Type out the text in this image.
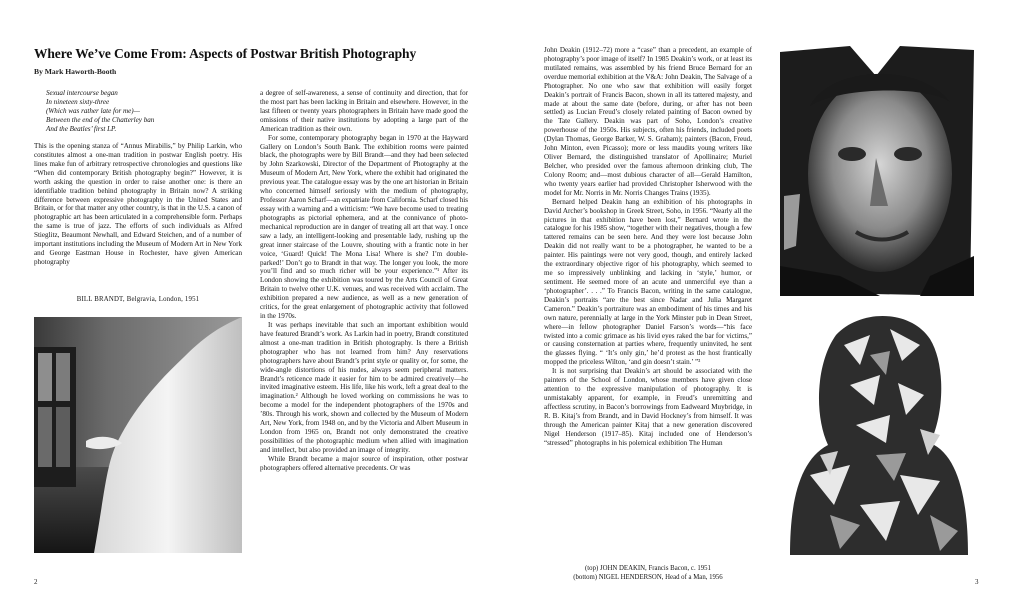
Where We’ve Come From: Aspects of Postwar British Photography
By Mark Haworth-Booth
Sexual intercourse began
In nineteen sixty-three
(Which was rather late for me)—
Between the end of the Chatterley ban
And the Beatles’ first LP.

This is the opening stanza of “Annus Mirabilis,” by Philip Larkin, who constitutes almost a one-man tradition in postwar English poetry. His lines make fun of arbitrary retrospective chronologies and questions like “When did contemporary British photography begin?” However, it is worth asking the question in order to raise another one: is there an identifiable tradition behind photography in Britain now? A striking difference between expressive photography in the United States and Britain, or for that matter any other country, is that in the U.S. a canon of photographic art has been articulated in a comprehensible form. Perhaps the same is true of jazz. The efforts of such individuals as Alfred Stieglitz, Beaumont Newhall, and Edward Steichen, and of a number of important institutions including the Museum of Modern Art in New York and George Eastman House in Rochester, have given American photography

BILL BRANDT, Belgravia, London, 1951

a degree of self-awareness, a sense of continuity and direction, that for the most part has been lacking in Britain and elsewhere. However, in the last fifteen or twenty years photographers in Britain have made good the omissions of their native institutions by adopting a large part of the American tradition as their own.

For some, contemporary photography began in 1970 at the Hayward Gallery on London’s South Bank. The exhibition rooms were painted black, the photographs were by Bill Brandt—and they had been selected by John Szarkowski, Director of the Department of Photography at the Museum of Modern Art, New York, where the exhibit had originated the previous year. The catalogue essay was by the one art historian in Britain who concerned himself seriously with the medium of photography, Professor Aaron Scharf—an expatriate from California. Scharf closed his essay with a warning and a witticism: “We have become used to treating photographs as pictorial ephemera, and at the connivance of photo-mechanical reproduction are in danger of treating all art that way. I once saw a lady, an intelligent-looking and presentable lady, rushing up the great inner staircase of the Louvre, shouting with a frantic note in her voice, ‘Guard! Quick! The Mona Lisa! Where is she? I’m double-parked!’ Don’t go to Brandt in that way. The longer you look, the more you’ll find and so much richer will be your experience.”¹ After its London showing the exhibition was toured by the Arts Council of Great Britain to twelve other U.K. venues, and was received with acclaim. The exhibition prepared a new audience, as well as a new generation of critics, for the great enlargement of photographic activity that followed in the 1970s.

It was perhaps inevitable that such an important exhibition would have featured Brandt’s work. As Larkin had in poetry, Brandt constituted almost a one-man tradition in British photography. Is there a British photographer who has not learned from him? Any reservations photographers have about Brandt’s print style or quality or, for some, the wide-angle distortions of his nudes, always seem peripheral matters. Brandt’s reticence made it easier for him to be admired creatively—he invited imaginative esteem. His life, like his work, left a great deal to the imagination.² Although he loved working on commissions he was to become a model for the independent photographers of the 1970s and ’80s. Through his work, shown and collected by the Museum of Modern Art, New York, from 1948 on, and by the Victoria and Albert Museum in London from 1965 on, Brandt not only demonstrated the creative possibilities of the photographic medium when allied with imagination and intellect, but also provided an image of integrity.

While Brandt became a major source of inspiration, other postwar photographers offered alternative precedents. Or was

John Deakin (1912–72) more a “case” than a precedent, an example of photography’s poor image of itself? In 1985 Deakin’s work, or at least its mutilated remains, was assembled by his friend Bruce Bernard for an overdue memorial exhibition at the V&A: John Deakin, The Salvage of a Photographer. No one who saw that exhibition will easily forget Deakin’s portrait of Francis Bacon, shown in all its tattered majesty, and made at about the same date (before, during, or after has not been settled) as Lucian Freud’s closely related painting of Bacon owned by the Tate Gallery. Deakin was part of Soho, London’s creative powerhouse of the 1950s. His subjects, often his friends, included poets (Dylan Thomas, George Barker, W. S. Graham); painters (Bacon, Freud, John Minton, even Picasso); more or less maudits young writers like Oliver Bernard, the distinguished translator of Apollinaire; Muriel Belcher, who presided over the famous afternoon drinking club, The Colony Room; and—most dubious character of all—Gerald Hamilton, who twenty years earlier had provided Christopher Isherwood with the model for Mr. Norris in Mr. Norris Changes Trains (1935).

Bernard helped Deakin hang an exhibition of his photographs in David Archer’s bookshop in Greek Street, Soho, in 1956. “Nearly all the pictures in that exhibition have been lost,” Bernard wrote in the catalogue for his 1985 show, “together with their negatives, though a few tattered remains can be seen here. And they were lost because John Deakin did not really want to be a photographer, he wanted to be a painter. His paintings were not very good, though, and entirely lacked the extraordinary objective rigor of his photography, which seemed to me so impressively unblinking and lacking in ‘style,’ humor, or sentiment. He seemed more of an acute and unmerciful eye than a ‘photographer’. . . .” To Francis Bacon, writing in the same catalogue, Deakin’s portraits “are the best since Nadar and Julia Margaret Cameron.” Deakin’s portraiture was an embodiment of his times and his own nature, perennially at large in the York Minster pub in Dean Street, where—in fellow photographer Daniel Farson’s words—“his face twisted into a comic grimace as his livid eyes raked the bar for victims,” or causing consternation at parties where, frequently uninvited, he sent the glasses flying. “ ‘It’s only gin,’ he’d protest as the host frantically mopped the priceless Wilton, ‘and gin doesn’t stain.’ ”³

It is not surprising that Deakin’s art should be associated with the painters of the School of London, whose members have given close attention to the expressive manipulation of photography. It is unmistakably apparent, for example, in Freud’s unremitting and affectless scrutiny, in Bacon’s borrowings from Eadweard Muybridge, in R. B. Kitaj’s from Brandt, and in David Hockney’s from himself. It was through the American painter Kitaj that a new generation discovered Nigel Henderson (1917–85). Kitaj included one of Henderson’s “stressed” photographs in his polemical exhibition The Human

(top) JOHN DEAKIN, Francis Bacon, c. 1951
(bottom) NIGEL HENDERSON, Head of a Man, 1956
2	3
